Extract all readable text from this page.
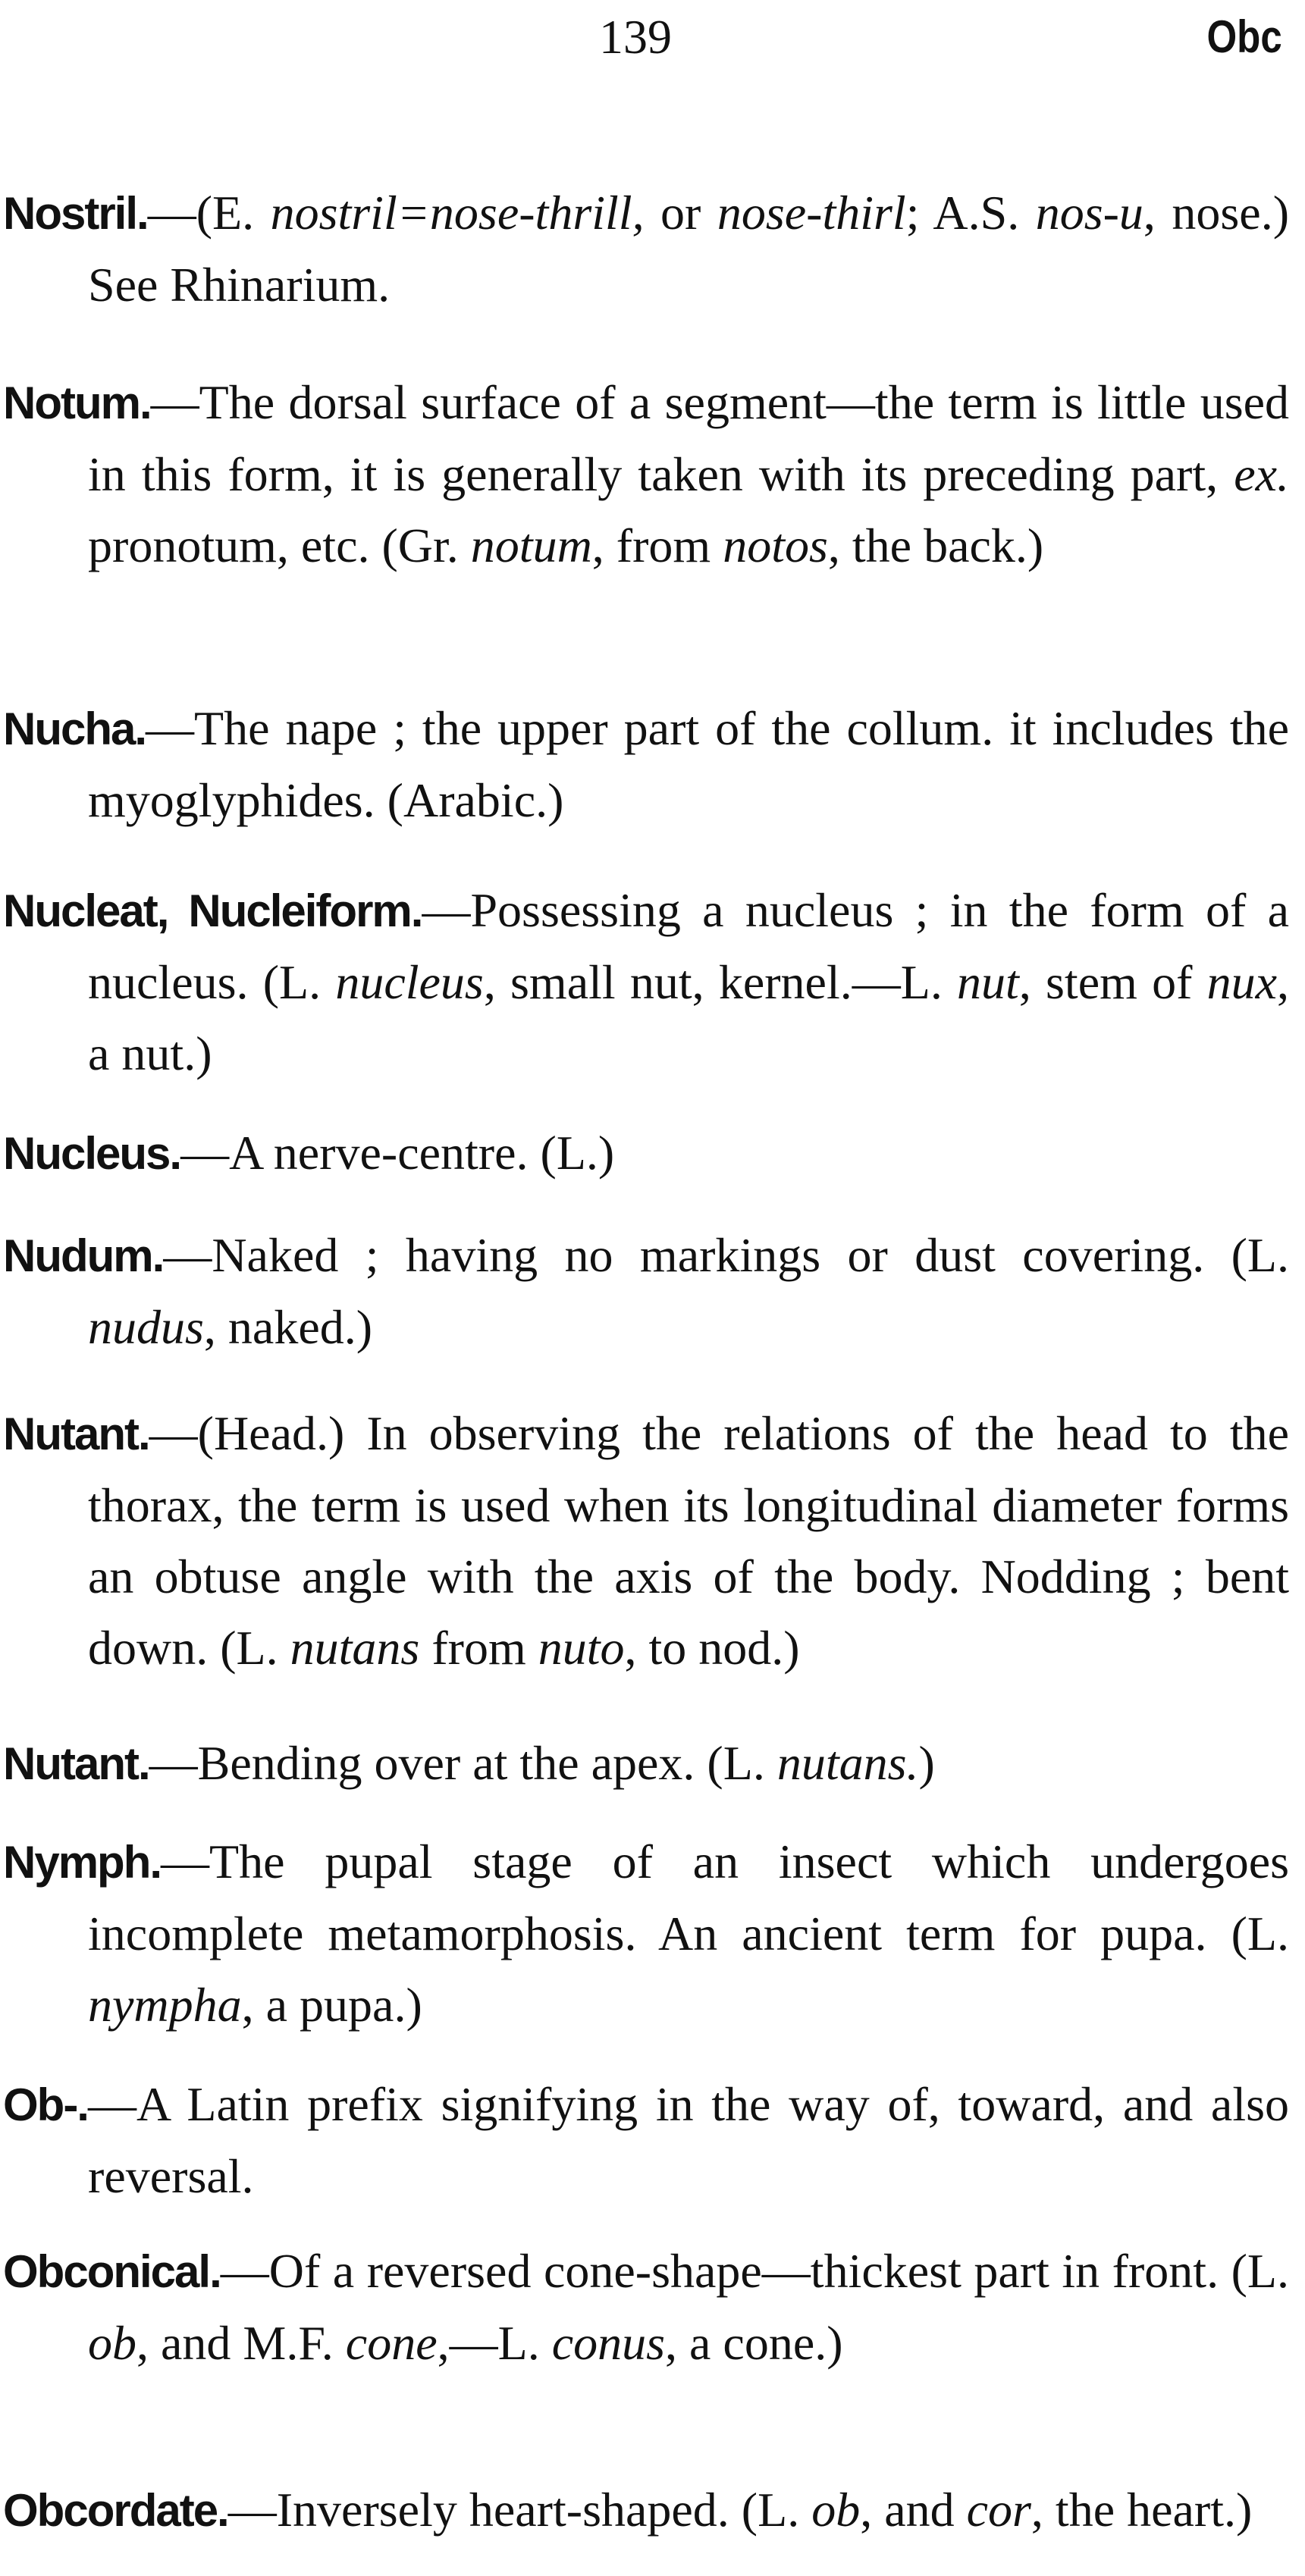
139	Obc

Nostril.—(E. nostril=nose-thrill, or nose-thirl; A.S. nos-u, nose.) See Rhinarium.

Notum.—The dorsal surface of a segment—the term is little used in this form, it is generally taken with its preceding part, ex. pronotum, etc. (Gr. notum, from notos, the back.)

Nucha.—The nape ; the upper part of the collum. it includes the myoglyphides. (Arabic.)

Nucleat, Nucleiform.—Possessing a nucleus ; in the form of a nucleus. (L. nucleus, small nut, kernel.—L. nut, stem of nux, a nut.)

Nucleus.—A nerve-centre. (L.)

Nudum.—Naked ; having no markings or dust covering. (L. nudus, naked.)

Nutant.—(Head.) In observing the relations of the head to the thorax, the term is used when its longitudinal diameter forms an obtuse angle with the axis of the body. Nodding ; bent down. (L. nutans from nuto, to nod.)

Nutant.—Bending over at the apex. (L. nutans.)

Nymph.—The pupal stage of an insect which undergoes incomplete metamorphosis. An ancient term for pupa. (L. nympha, a pupa.)

Ob-.—A Latin prefix signifying in the way of, toward, and also reversal.

Obconical.—Of a reversed cone-shape—thickest part in front. (L. ob, and M.F. cone,—L. conus, a cone.)

Obcordate.—Inversely heart-shaped. (L. ob, and cor, the heart.)
